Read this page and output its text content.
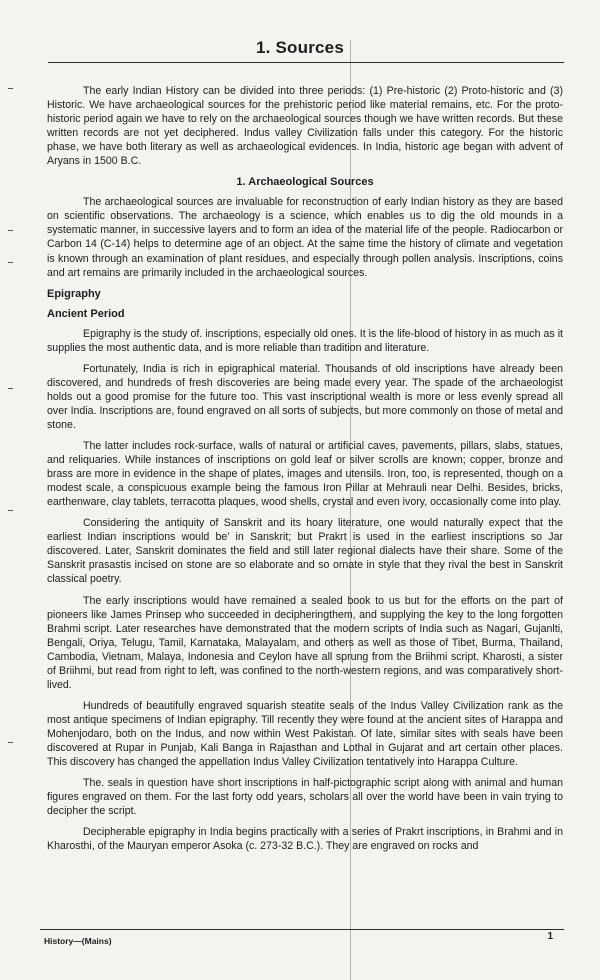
1. Sources

The early Indian History can be divided into three periods: (1) Pre-historic (2) Proto-historic and (3) Historic. We have archaeological sources for the prehistoric period like material remains, etc. For the proto-historic period again we have to rely on the archaeological sources though we have written records. But these written records are not yet deciphered. Indus valley Civilization falls under this category. For the historic phase, we have both literary as well as archaeological evidences. In India, historic age began with advent of Aryans in 1500 B.C.

1. Archaeological Sources

The archaeological sources are invaluable for reconstruction of early Indian history as they are based on scientific observations. The archaeology is a science, which enables us to dig the old mounds in a systematic manner, in successive layers and to form an idea of the material life of the people. Radiocarbon or Carbon 14 (C-14) helps to determine age of an object. At the same time the history of climate and vegetation is known through an examination of plant residues, and especially through pollen analysis. Inscriptions, coins and art remains are primarily included in the archaeological sources.

Epigraphy
Ancient Period

Epigraphy is the study of. inscriptions, especially old ones. It is the life-blood of history in as much as it supplies the most authentic data, and is more reliable than tradition and literature.

Fortunately, India is rich in epigraphical material. Thousands of old inscriptions have already been discovered, and hundreds of fresh discoveries are being made every year. The spade of the archaeologist holds out a good promise for the future too. This vast inscriptional wealth is more or less evenly spread all over India. Inscriptions are, found engraved on all sorts of subjects, but more commonly on those of metal and stone.

The latter includes rock-surface, walls of natural or artificial caves, pavements, pillars, slabs, statues, and reliquaries. While instances of inscriptions on gold leaf or silver scrolls are known; copper, bronze and brass are more in evidence in the shape of plates, images and utensils. Iron, too, is represented, though on a modest scale, a conspicuous example being the famous Iron Pillar at Mehrauli near Delhi. Besides, bricks, earthenware, clay tablets, terracotta plaques, wood shells, crystal and even ivory, occasionally come into play.

Considering the antiquity of Sanskrit and its hoary literature, one would naturally expect that the earliest Indian inscriptions would be' in Sanskrit; but Prakrt is used in the earliest inscriptions so Jar discovered. Later, Sanskrit dominates the field and still later regional dialects have their share. Some of the Sanskrit prasastis incised on stone are so elaborate and so ornate in style that they rival the best in Sanskrit classical poetry.

The early inscriptions would have remained a sealed book to us but for the efforts on the part of pioneers like James Prinsep who succeeded in decipheringthem, and supplying the key to the long forgotten Brahmi script. Later researches have demonstrated that the modern scripts of India such as Nagari, Gujanlti, Bengali, Oriya, Telugu, Tamil, Karnataka, Malayalam, and others as well as those of Tibet, Burma, Thailand, Cambodia, Vietnam, Malaya, Indonesia and Ceylon have all sprung from the Briihmi script. Kharosti, a sister of Briihmi, but read from right to left, was confined to the north-western regions, and was comparatively short-lived.

Hundreds of beautifully engraved squarish steatite seals of the Indus Valley Civilization rank as the most antique specimens of Indian epigraphy. Till recently they were found at the ancient sites of Harappa and Mohenjodaro, both on the Indus, and now within West Pakistan. Of late, similar sites with seals have been discovered at Rupar in Punjab, Kali Banga in Rajasthan and Lothal in Gujarat and art certain other places. This discovery has changed the appellation Indus Valley Civilization tentatively into Harappa Culture.

The. seals in question have short inscriptions in half-pictographic script along with animal and human figures engraved on them. For the last forty odd years, scholars all over the world have been in vain trying to decipher the script.

Decipherable epigraphy in India begins practically with a series of Prakrt inscriptions, in Brahmi and in Kharosthi, of the Mauryan emperor Asoka (c. 273-32 B.C.). They are engraved on rocks and

History—(Mains)	1
